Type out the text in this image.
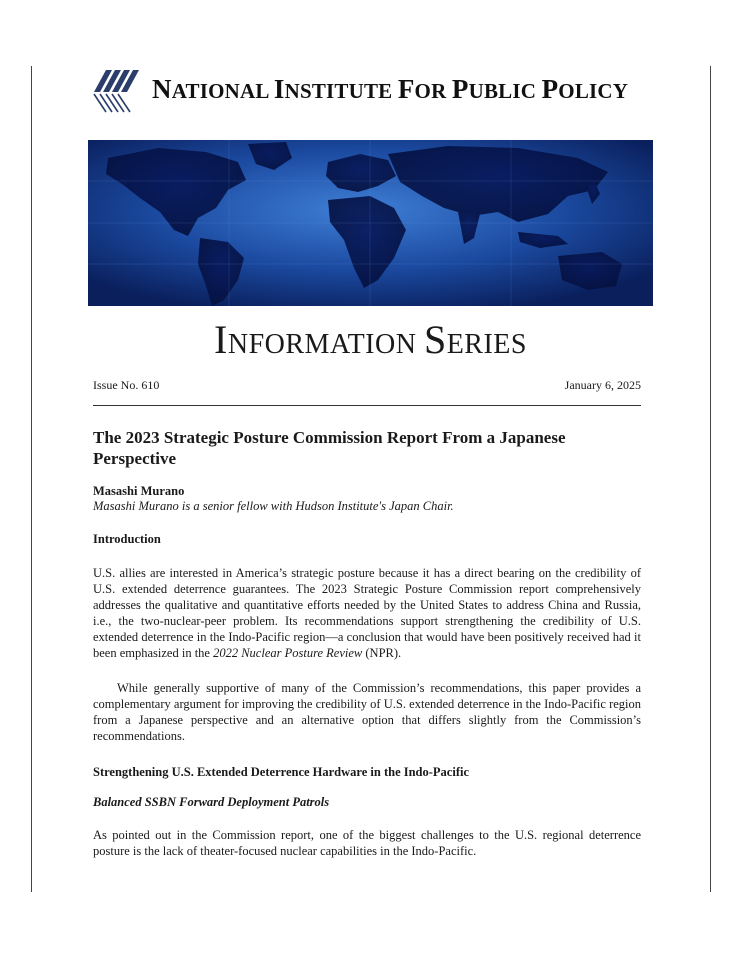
NATIONAL INSTITUTE FOR PUBLIC POLICY
INFORMATION SERIES
Issue No. 610	January 6, 2025
The 2023 Strategic Posture Commission Report From a Japanese Perspective
Masashi Murano
Masashi Murano is a senior fellow with Hudson Institute's Japan Chair.
Introduction
U.S. allies are interested in America’s strategic posture because it has a direct bearing on the credibility of U.S. extended deterrence guarantees. The 2023 Strategic Posture Commission report comprehensively addresses the qualitative and quantitative efforts needed by the United States to address China and Russia, i.e., the two-nuclear-peer problem. Its recommendations support strengthening the credibility of U.S. extended deterrence in the Indo-Pacific region—a conclusion that would have been positively received had it been emphasized in the 2022 Nuclear Posture Review (NPR).
While generally supportive of many of the Commission’s recommendations, this paper provides a complementary argument for improving the credibility of U.S. extended deterrence in the Indo-Pacific region from a Japanese perspective and an alternative option that differs slightly from the Commission’s recommendations.
Strengthening U.S. Extended Deterrence Hardware in the Indo-Pacific
Balanced SSBN Forward Deployment Patrols
As pointed out in the Commission report, one of the biggest challenges to the U.S. regional deterrence posture is the lack of theater-focused nuclear capabilities in the Indo-Pacific.
